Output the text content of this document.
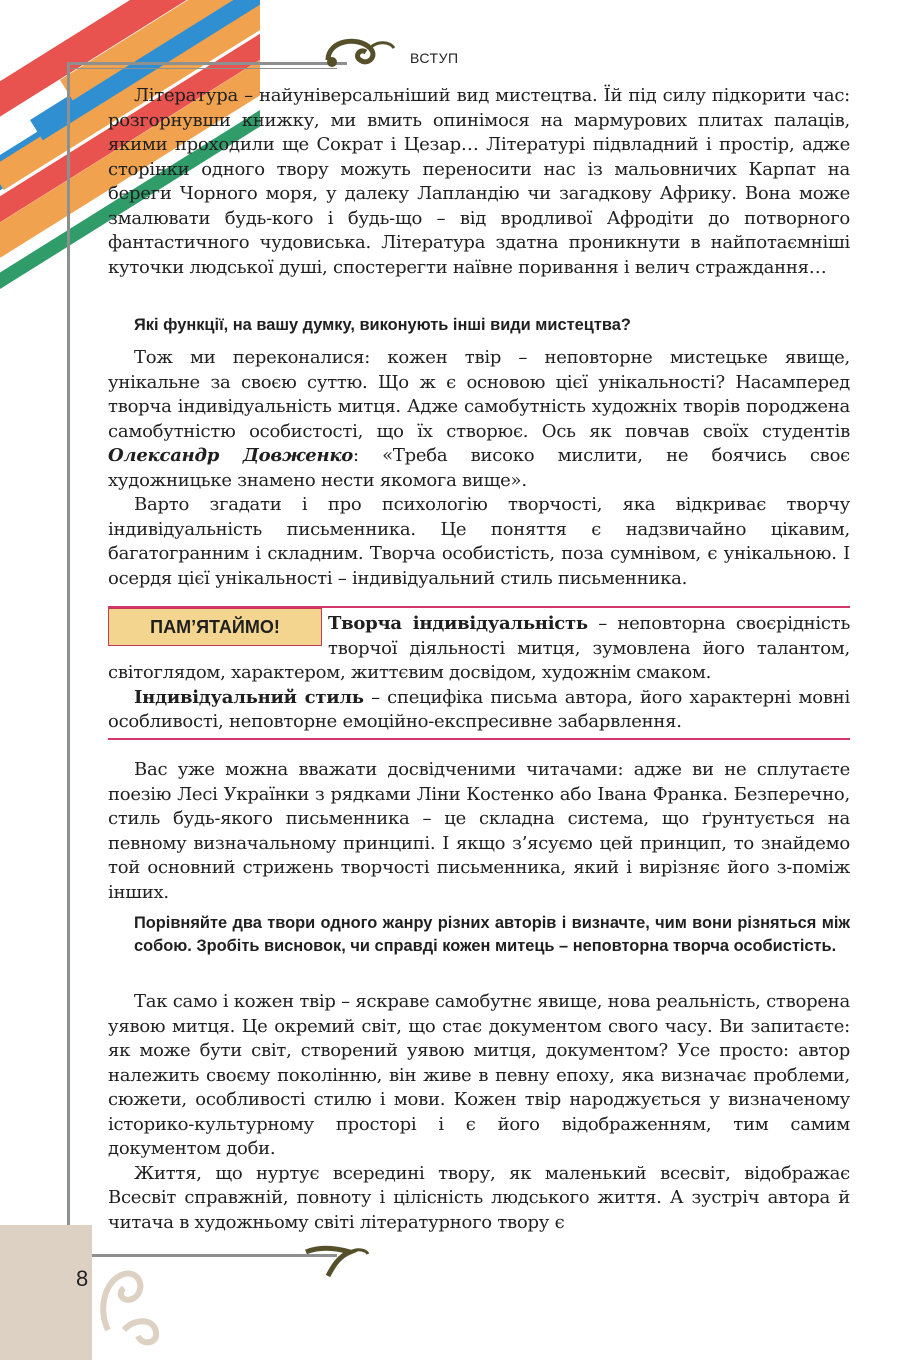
ВСТУП
8

Література – найуніверсальніший вид мистецтва. Їй під силу підкорити час: розгорнувши книжку, ми вмить опинімося на мармурових плитах палаців, якими проходили ще Сократ і Цезар… Літературі підвладний і простір, адже сторінки одного твору можуть переносити нас із мальовничих Карпат на береги Чорного моря, у далеку Лапландію чи загадкову Африку. Вона може змалювати будь-кого і будь-що – від вродливої Афродіти до потворного фантастичного чудовиська. Література здатна проникнути в найпотаємніші куточки людської душі, спостерегти наївне поривання і велич страждання…

Які функції, на вашу думку, виконують інші види мистецтва?

Тож ми переконалися: кожен твір – неповторне мистецьке явище, унікальне за своєю суттю. Що ж є основою цієї унікальності? Насамперед творча індивідуальність митця. Адже самобутність художніх творів породжена самобутністю особистості, що їх створює. Ось як повчав своїх студентів Олександр Довженко: «Треба високо мислити, не боячись своє художницьке знамено нести якомога вище».

Варто згадати і про психологію творчості, яка відкриває творчу індивідуальність письменника. Це поняття є надзвичайно цікавим, багатогранним і складним. Творча особистість, поза сумнівом, є унікальною. І осердя цієї унікальності – індивідуальний стиль письменника.

ПАМ’ЯТАЙМО!	Творча індивідуальність – неповторна своєрідність творчої діяльності митця, зумовлена його талантом, світоглядом, характером, життєвим досвідом, художнім смаком.

Індивідуальний стиль – специфіка письма автора, його характерні мовні особливості, неповторне емоційно-експресивне забарвлення.

Вас уже можна вважати досвідченими читачами: адже ви не сплутаєте поезію Лесі Українки з рядками Ліни Костенко або Івана Франка. Безперечно, стиль будь-якого письменника – це складна система, що ґрунтується на певному визначальному принципі. І якщо з’ясуємо цей принцип, то знайдемо той основний стрижень творчості письменника, який і вирізняє його з-поміж інших.

Порівняйте два твори одного жанру різних авторів і визначте, чим вони різняться між собою. Зробіть висновок, чи справді кожен митець – неповторна творча особистість.

Так само і кожен твір – яскраве самобутнє явище, нова реальність, створена уявою митця. Це окремий світ, що стає документом свого часу. Ви запитаєте: як може бути світ, створений уявою митця, документом? Усе просто: автор належить своєму поколінню, він живе в певну епоху, яка визначає проблеми, сюжети, особливості стилю і мови. Кожен твір народжується у визначеному історико-культурному просторі і є його відображенням, тим самим документом доби.

Життя, що нуртує всередині твору, як маленький всесвіт, відображає Всесвіт справжній, повноту і цілісність людського життя. А зустріч автора й читача в художньому світі літературного твору є
